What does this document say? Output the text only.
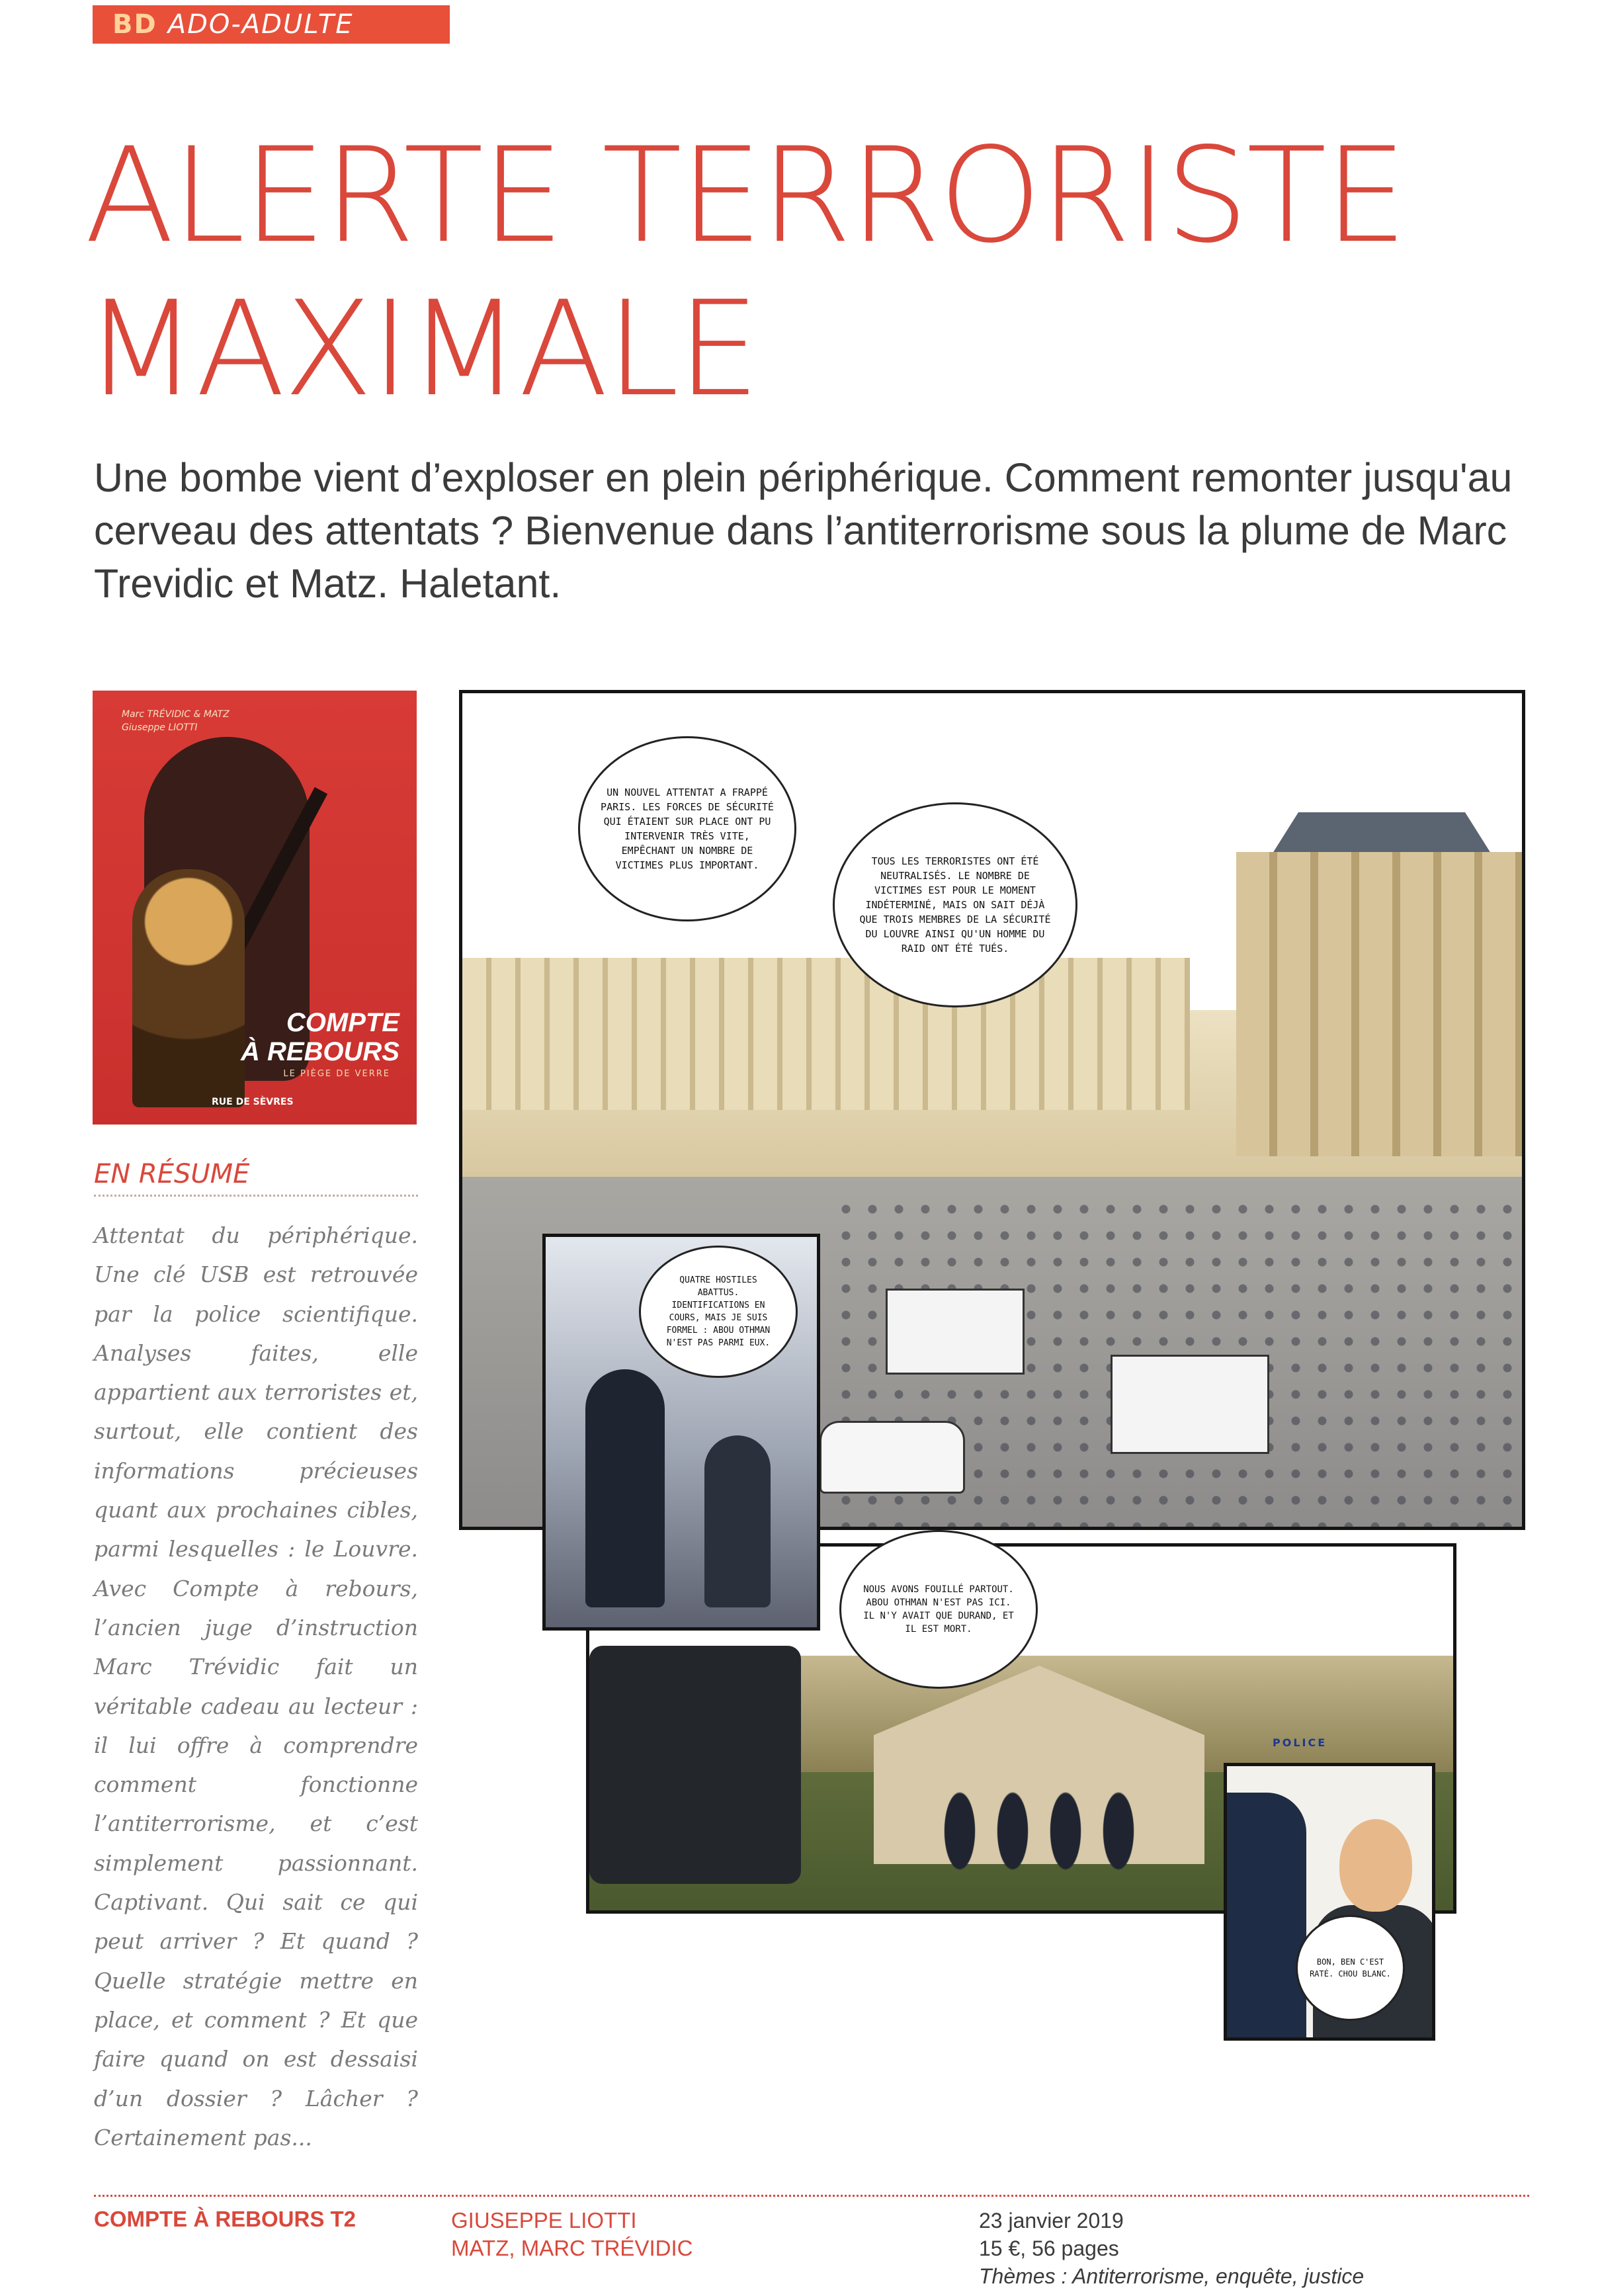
BD ADO-ADULTE
ALERTE TERRORISTE
MAXIMALE

Une bombe vient d’exploser en plein périphérique. Comment remonter jusqu'au cerveau des attentats ? Bienvenue dans l’antiterrorisme sous la plume de Marc Trevidic et Matz. Haletant.

Marc TRÉVIDIC & MATZ
Giuseppe LIOTTI
COMPTE
À REBOURS
LE PIÈGE DE VERRE
RUE DE SÈVRES
EN RÉSUMÉ

Attentat du périphérique. Une clé USB est retrouvée par la police scientifique. Analyses faites, elle appartient aux terroristes et, surtout, elle contient des informations précieuses quant aux prochaines cibles, parmi lesquelles : le Louvre. Avec Compte à rebours, l’ancien juge d’instruction Marc Trévidic fait un véritable cadeau au lecteur : il lui offre à comprendre comment fonctionne l’antiterrorisme, et c’est simplement passionnant. Captivant. Qui sait ce qui peut arriver ? Et quand ? Quelle stratégie mettre en place, et comment ? Et que faire quand on est dessaisi d’un dossier ? Lâcher ? Certainement pas...

UN NOUVEL ATTENTAT A FRAPPÉ PARIS. LES FORCES DE SÉCURITÉ QUI ÉTAIENT SUR PLACE ONT PU INTERVENIR TRÈS VITE, EMPÊCHANT UN NOMBRE DE VICTIMES PLUS IMPORTANT.	TOUS LES TERRORISTES ONT ÉTÉ NEUTRALISÉS. LE NOMBRE DE VICTIMES EST POUR LE MOMENT INDÉTERMINÉ, MAIS ON SAIT DÉJÀ QUE TROIS MEMBRES DE LA SÉCURITÉ DU LOUVRE AINSI QU'UN HOMME DU RAID ONT ÉTÉ TUÉS.
QUATRE HOSTILES ABATTUS. IDENTIFICATIONS EN COURS, MAIS JE SUIS FORMEL : ABOU OTHMAN N'EST PAS PARMI EUX.
NOUS AVONS FOUILLÉ PARTOUT. ABOU OTHMAN N'EST PAS ICI. IL N'Y AVAIT QUE DURAND, ET IL EST MORT.
BON, BEN C'EST RATÉ. CHOU BLANC.
POLICE
COMPTE À REBOURS T2	GIUSEPPE LIOTTI
MATZ, MARC TRÉVIDIC
23 janvier 2019
15 €, 56 pages
Thèmes : Antiterrorisme, enquête, justice
